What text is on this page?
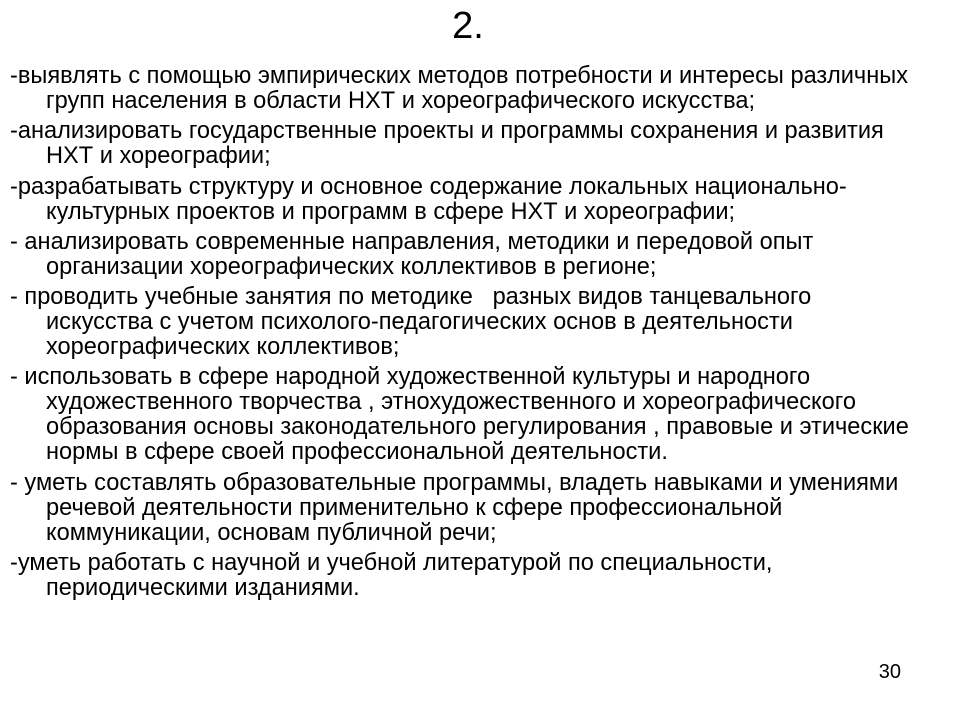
2.
-выявлять с помощью эмпирических методов потребности и интересы различных групп населения в области НХТ и хореографического искусства;
-анализировать государственные проекты и программы сохранения и развития НХТ и хореографии;
-разрабатывать структуру и основное содержание локальных национально-культурных проектов и программ в сфере НХТ и хореографии;
- анализировать современные направления, методики и передовой опыт организации хореографических коллективов в регионе;
- проводить учебные занятия по методике   разных видов танцевального искусства с учетом психолого-педагогических основ в деятельности хореографических коллективов;
- использовать в сфере народной художественной культуры и народного художественного творчества , этнохудожественного и хореографического образования основы законодательного регулирования , правовые и этические нормы в сфере своей профессиональной деятельности.
- уметь составлять образовательные программы, владеть навыками и умениями речевой деятельности применительно к сфере профессиональной коммуникации, основам публичной речи;
-уметь работать с научной и учебной литературой по специальности, периодическими изданиями.
30
